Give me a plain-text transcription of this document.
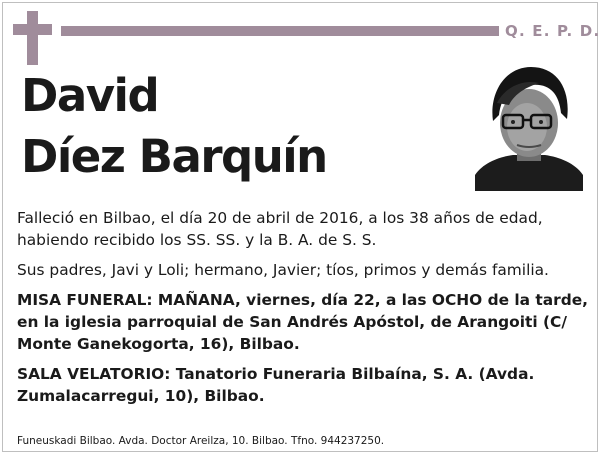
Q. E. P. D.
David
Díez Barquín

Falleció en Bilbao, el día 20 de abril de 2016, a los 38 años de edad, habiendo recibido los SS. SS. y la B. A. de S. S.

Sus padres, Javi y Loli; hermano, Javier; tíos, primos y demás familia.

MISA FUNERAL: MAÑANA, viernes, día 22, a las OCHO de la tarde, en la iglesia parroquial de San Andrés Apóstol, de Arangoiti (C/ Monte Ganekogorta, 16), Bilbao.

SALA VELATORIO: Tanatorio Funeraria Bilbaína, S. A. (Avda. Zumalacarregui, 10), Bilbao.

Funeuskadi Bilbao. Avda. Doctor Areilza, 10. Bilbao. Tfno. 944237250.
